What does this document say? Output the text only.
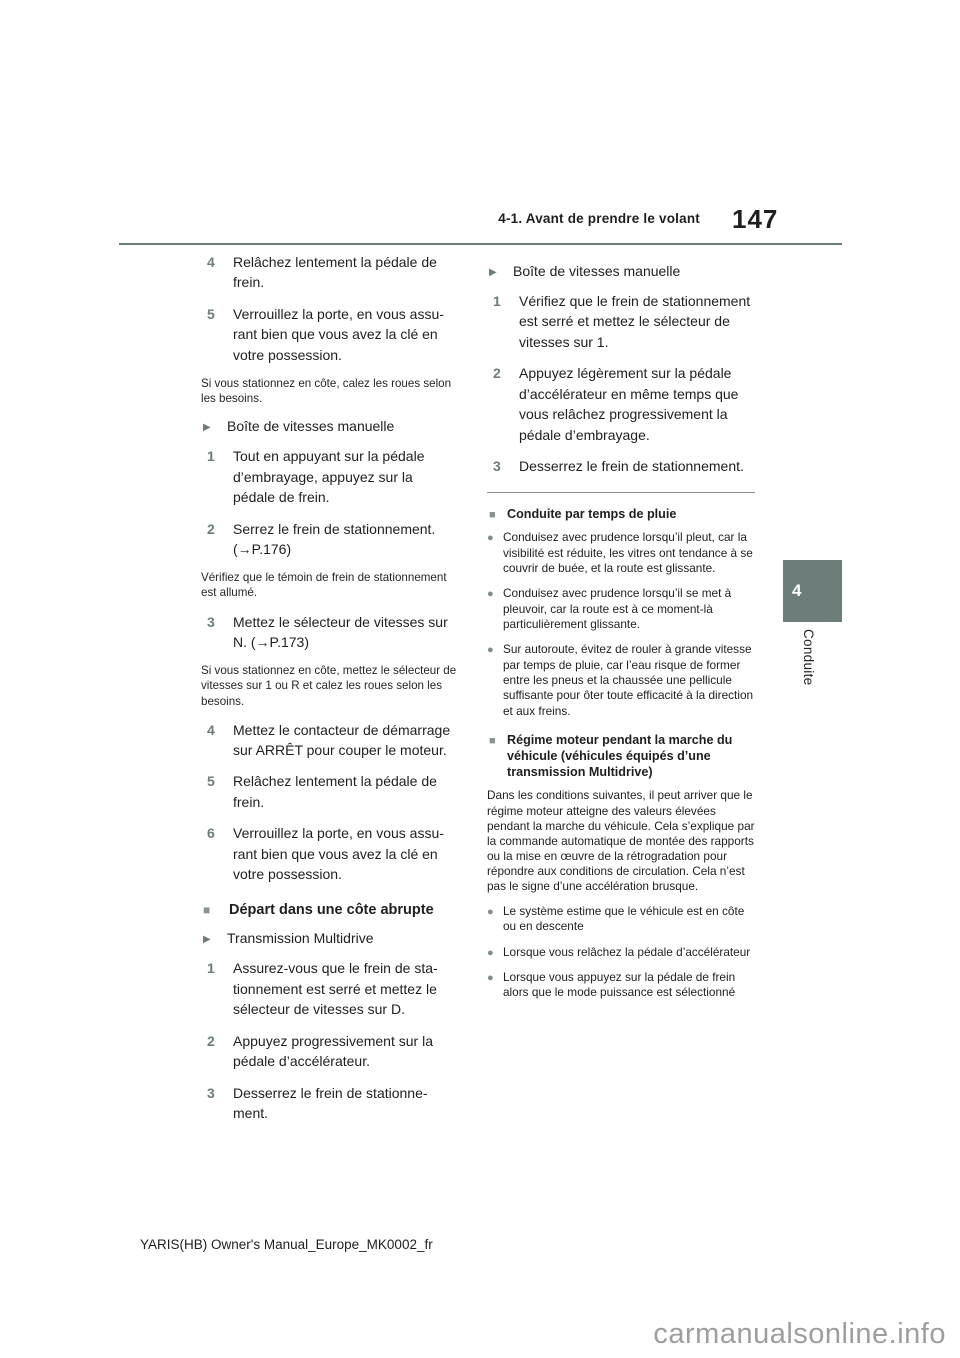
4-1. Avant de prendre le volant 147
4	Relâchez lentement la pédale de frein.
5	Verrouillez la porte, en vous assurant bien que vous avez la clé en votre possession.
Si vous stationnez en côte, calez les roues selon les besoins.
▶	Boîte de vitesses manuelle
1	Tout en appuyant sur la pédale d’embrayage, appuyez sur la pédale de frein.
2	Serrez le frein de stationnement. (→P.176)
Vérifiez que le témoin de frein de stationnement est allumé.
3	Mettez le sélecteur de vitesses sur N. (→P.173)
Si vous stationnez en côte, mettez le sélecteur de vitesses sur 1 ou R et calez les roues selon les besoins.
4	Mettez le contacteur de démarrage sur ARRÊT pour couper le moteur.
5	Relâchez lentement la pédale de frein.
6	Verrouillez la porte, en vous assurant bien que vous avez la clé en votre possession.
■	Départ dans une côte abrupte
▶	Transmission Multidrive
1	Assurez-vous que le frein de stationnement est serré et mettez le sélecteur de vitesses sur D.
2	Appuyez progressivement sur la pédale d’accélérateur.
3	Desserrez le frein de stationnement.
▶	Boîte de vitesses manuelle
1	Vérifiez que le frein de stationnement est serré et mettez le sélecteur de vitesses sur 1.
2	Appuyez légèrement sur la pédale d’accélérateur en même temps que vous relâchez progressivement la pédale d’embrayage.
3	Desserrez le frein de stationnement.
■ Conduite par temps de pluie
● Conduisez avec prudence lorsqu’il pleut, car la visibilité est réduite, les vitres ont tendance à se couvrir de buée, et la route est glissante.
● Conduisez avec prudence lorsqu’il se met à pleuvoir, car la route est à ce moment-là particulièrement glissante.
● Sur autoroute, évitez de rouler à grande vitesse par temps de pluie, car l’eau risque de former entre les pneus et la chaussée une pellicule suffisante pour ôter toute efficacité à la direction et aux freins.
■ Régime moteur pendant la marche du véhicule (véhicules équipés d’une transmission Multidrive)
Dans les conditions suivantes, il peut arriver que le régime moteur atteigne des valeurs élevées pendant la marche du véhicule. Cela s’explique par la commande automatique de montée des rapports ou la mise en œuvre de la rétrogradation pour répondre aux conditions de circulation. Cela n’est pas le signe d’une accélération brusque.
● Le système estime que le véhicule est en côte ou en descente
● Lorsque vous relâchez la pédale d’accélérateur
● Lorsque vous appuyez sur la pédale de frein alors que le mode puissance est sélectionné
4
Conduite
YARIS(HB) Owner's Manual_Europe_MK0002_fr
carmanualsonline.info
